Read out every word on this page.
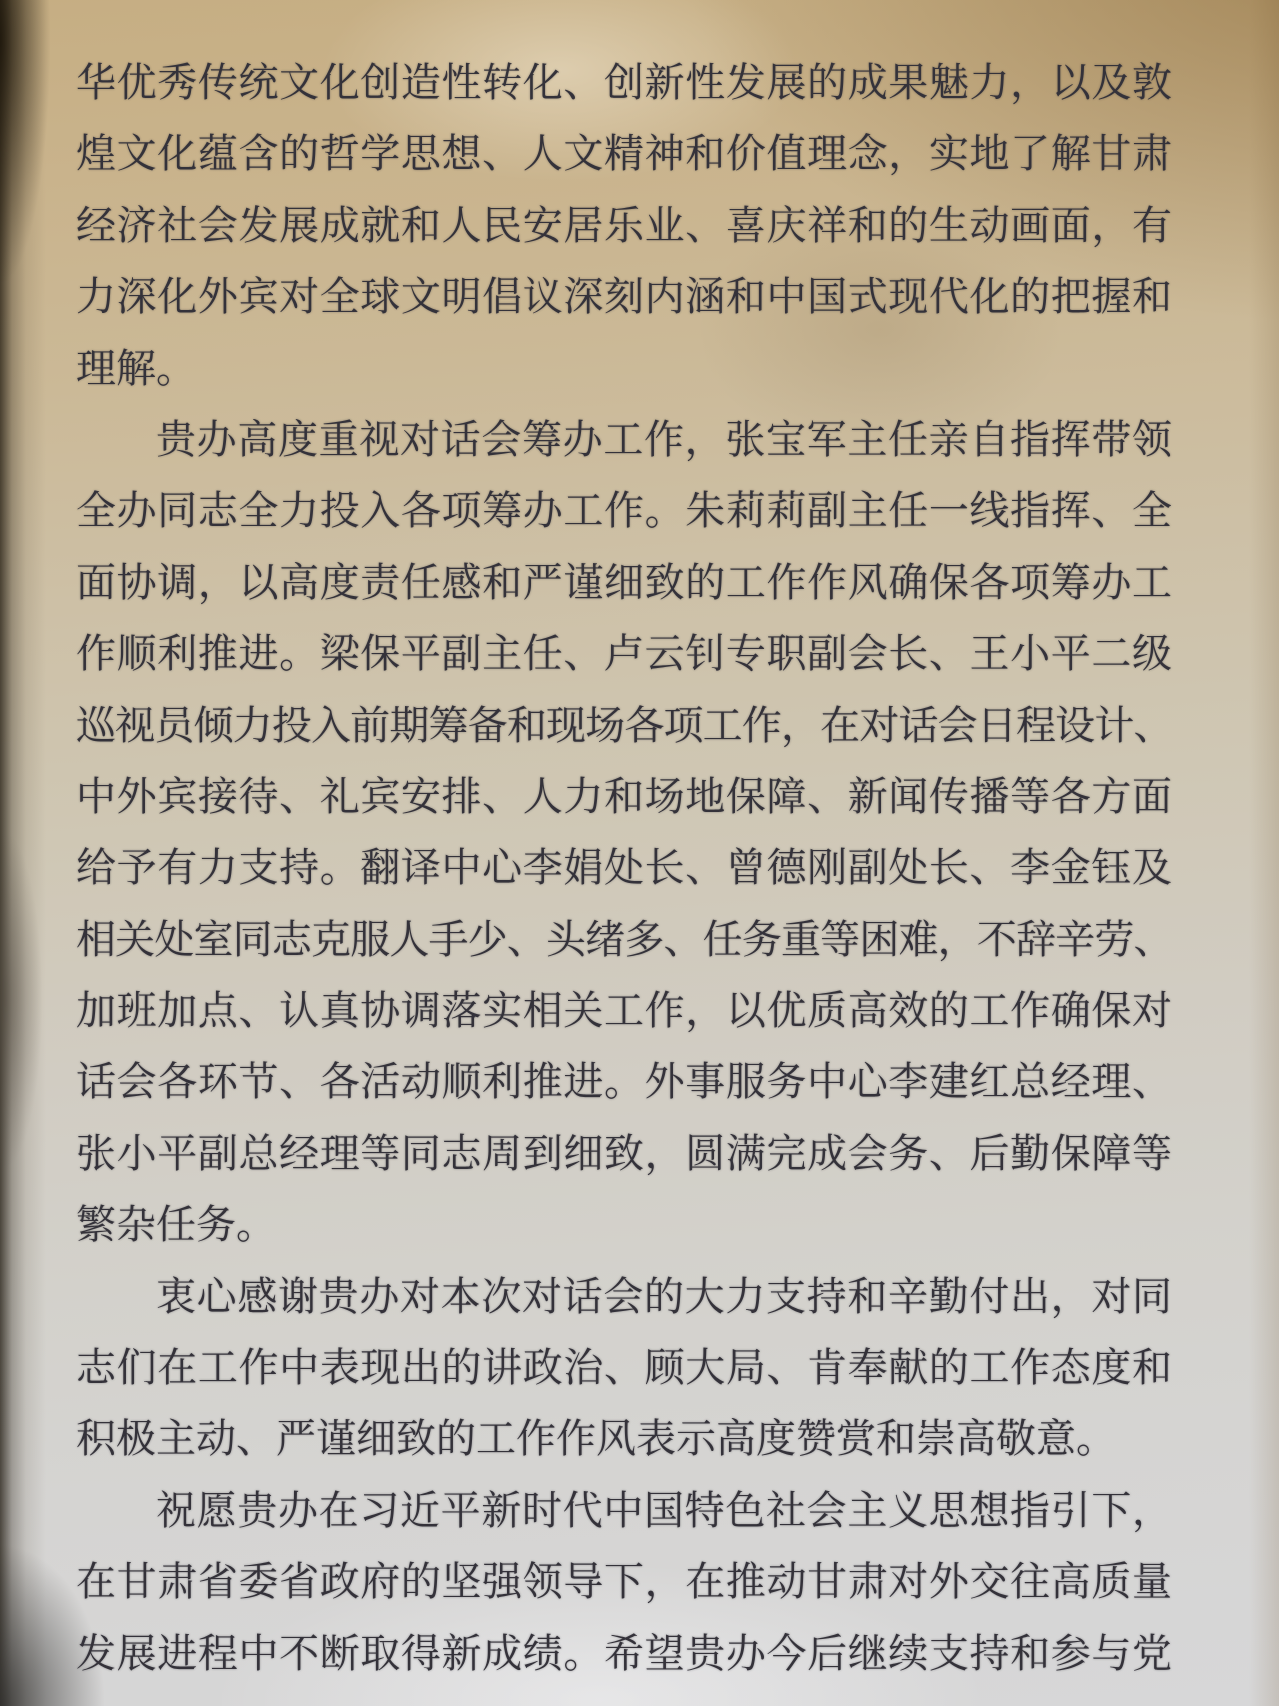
华优秀传统文化创造性转化、创新性发展的成果魅力，以及敦
煌文化蕴含的哲学思想、人文精神和价值理念，实地了解甘肃
经济社会发展成就和人民安居乐业、喜庆祥和的生动画面，有
力深化外宾对全球文明倡议深刻内涵和中国式现代化的把握和
理解。
贵办高度重视对话会筹办工作，张宝军主任亲自指挥带领
全办同志全力投入各项筹办工作。朱莉莉副主任一线指挥、全
面协调，以高度责任感和严谨细致的工作作风确保各项筹办工
作顺利推进。梁保平副主任、卢云钊专职副会长、王小平二级
巡视员倾力投入前期筹备和现场各项工作，在对话会日程设计、
中外宾接待、礼宾安排、人力和场地保障、新闻传播等各方面
给予有力支持。翻译中心李娟处长、曾德刚副处长、李金钰及
相关处室同志克服人手少、头绪多、任务重等困难，不辞辛劳、
加班加点、认真协调落实相关工作，以优质高效的工作确保对
话会各环节、各活动顺利推进。外事服务中心李建红总经理、
张小平副总经理等同志周到细致，圆满完成会务、后勤保障等
繁杂任务。
衷心感谢贵办对本次对话会的大力支持和辛勤付出，对同
志们在工作中表现出的讲政治、顾大局、肯奉献的工作态度和
积极主动、严谨细致的工作作风表示高度赞赏和崇高敬意。
祝愿贵办在习近平新时代中国特色社会主义思想指引下，
在甘肃省委省政府的坚强领导下，在推动甘肃对外交往高质量
发展进程中不断取得新成绩。希望贵办今后继续支持和参与党
